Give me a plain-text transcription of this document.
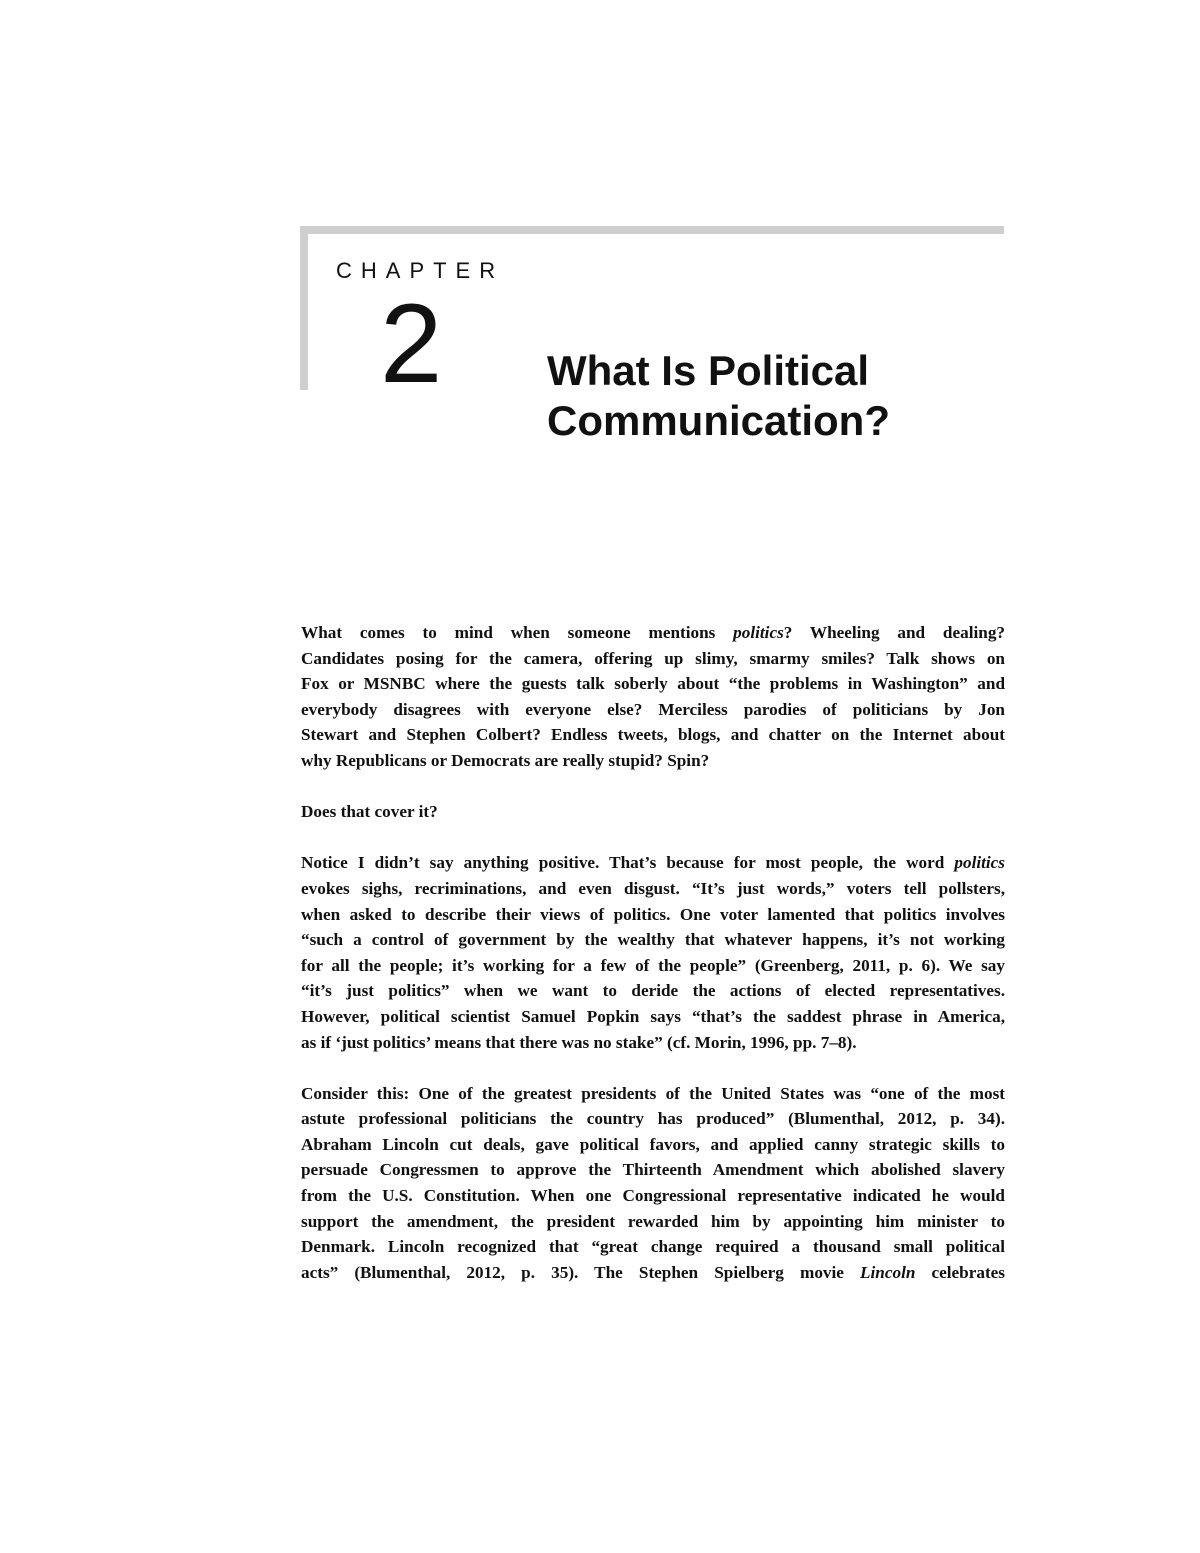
CHAPTER
2 What Is Political
Communication?
What comes to mind when someone mentions politics? Wheeling and dealing?
Candidates posing for the camera, offering up slimy, smarmy smiles? Talk shows on
Fox or MSNBC where the guests talk soberly about “the problems in Washington” and
everybody disagrees with everyone else? Merciless parodies of politicians by Jon
Stewart and Stephen Colbert? Endless tweets, blogs, and chatter on the Internet about
why Republicans or Democrats are really stupid? Spin?
Does that cover it?
Notice I didn’t say anything positive. That’s because for most people, the word politics
evokes sighs, recriminations, and even disgust. “It’s just words,” voters tell pollsters,
when asked to describe their views of politics. One voter lamented that politics involves
“such a control of government by the wealthy that whatever happens, it’s not working
for all the people; it’s working for a few of the people” (Greenberg, 2011, p. 6). We say
“it’s just politics” when we want to deride the actions of elected representatives.
However, political scientist Samuel Popkin says “that’s the saddest phrase in America,
as if ‘just politics’ means that there was no stake” (cf. Morin, 1996, pp. 7–8).
Consider this: One of the greatest presidents of the United States was “one of the most
astute professional politicians the country has produced” (Blumenthal, 2012, p. 34).
Abraham Lincoln cut deals, gave political favors, and applied canny strategic skills to
persuade Congressmen to approve the Thirteenth Amendment which abolished slavery
from the U.S. Constitution. When one Congressional representative indicated he would
support the amendment, the president rewarded him by appointing him minister to
Denmark. Lincoln recognized that “great change required a thousand small political
acts” (Blumenthal, 2012, p. 35). The Stephen Spielberg movie Lincoln celebrates
